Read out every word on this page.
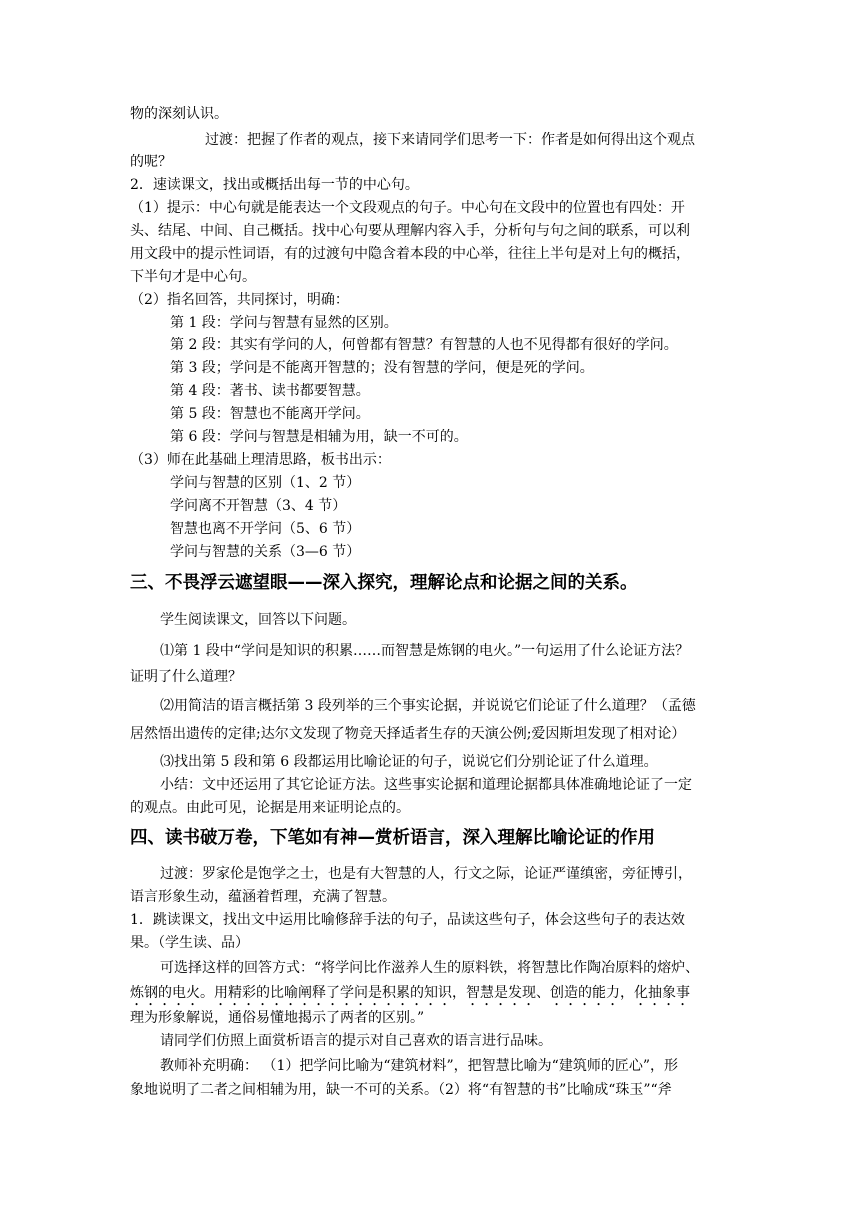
物的深刻认识。
过渡：把握了作者的观点，接下来请同学们思考一下：作者是如何得出这个观点
的呢？
2．速读课文，找出或概括出每一节的中心句。
（1）提示：中心句就是能表达一个文段观点的句子。中心句在文段中的位置也有四处：开
头、结尾、中间、自己概括。找中心句要从理解内容入手，分析句与句之间的联系，可以利
用文段中的提示性词语，有的过渡句中隐含着本段的中心举，往往上半句是对上句的概括，
下半句才是中心句。
（2）指名回答，共同探讨，明确：
第 1 段：学问与智慧有显然的区别。
第 2 段：其实有学问的人，何曾都有智慧？有智慧的人也不见得都有很好的学问。
第 3 段；学问是不能离开智慧的；没有智慧的学问，便是死的学问。
第 4 段：著书、读书都要智慧。
第 5 段：智慧也不能离开学问。
第 6 段：学问与智慧是相辅为用，缺一不可的。
（3）师在此基础上理清思路，板书出示：
学问与智慧的区别（1、2 节）
学问离不开智慧（3、4 节）
智慧也离不开学问（5、6 节）
学问与智慧的关系（3—6 节）
三、不畏浮云遮望眼——深入探究，理解论点和论据之间的关系。
学生阅读课文，回答以下问题。
⑴第 1 段中“学问是知识的积累……而智慧是炼钢的电火。”一句运用了什么论证方法？
证明了什么道理？
⑵用简洁的语言概括第 3 段列举的三个事实论据，并说说它们论证了什么道理？（孟德
居然悟出遗传的定律;达尔文发现了物竞天择适者生存的天演公例;爱因斯坦发现了相对论）
⑶找出第 5 段和第 6 段都运用比喻论证的句子，说说它们分别论证了什么道理。
小结：文中还运用了其它论证方法。这些事实论据和道理论据都具体准确地论证了一定
的观点。由此可见，论据是用来证明论点的。
四、读书破万卷，下笔如有神—赏析语言，深入理解比喻论证的作用
过渡：罗家伦是饱学之士，也是有大智慧的人，行文之际，论证严谨缜密，旁征博引，
语言形象生动，蕴涵着哲理，充满了智慧。
1．跳读课文，找出文中运用比喻修辞手法的句子，品读这些句子，体会这些句子的表达效
果。（学生读、品）
可选择这样的回答方式：“将学问比作滋养人生的原料铁，将智慧比作陶冶原料的熔炉、
炼钢的电火。用精彩的比喻阐释了学问是积累的知识，智慧是发现、创造的能力，化抽象事
理为形象解说，通俗易懂地揭示了两者的区别。”
请同学们仿照上面赏析语言的提示对自己喜欢的语言进行品味。
教师补充明确： （1）把学问比喻为“建筑材料”，把智慧比喻为“建筑师的匠心”，形
象地说明了二者之间相辅为用，缺一不可的关系。（2）将“有智慧的书”比喻成“珠玉”“斧
